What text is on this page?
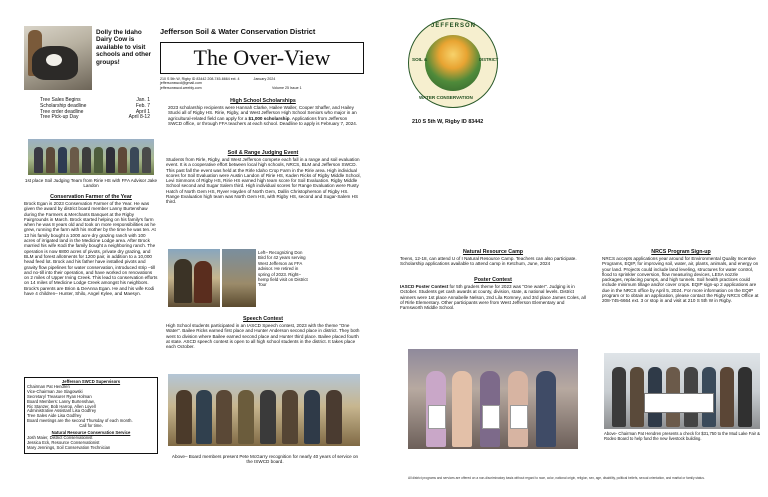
Dolly the Idaho Dairy Cow is available to visit schools and other groups!
Jefferson Soil & Water Conservation District
The Over-View
210 S 5th W, Rigby ID 83442 208-745-6664 ext. 4	January 2024
jeffersonswcd@gmail.com
jeffersonswcd.weebly.com	Volume 25 Issue 1
Tree Sales Begins	Jan. 1
Scholarship deadline	Feb. 7
Tree order deadline	April 1
Tree Pick-up Day	April 8-12
1st place Soil Judging Team from Ririe HS with FFA Advisor Jake Landon
Conservation Farmer of the Year
Brock Egan is 2023 Conservation Farmer of the Year. He was given the award by district board member Lanny Burtenshaw during the Farmers & Merchants Banquet at the Rigby Fairgrounds in March. Brock started helping on his family's farm when he was 8 years old and took on more responsibilities as he grew, running the farm with his mother by the time he was ten. At 13 his family bought a 1000 acre dry grazing ranch with 100 acres of irrigated land in the Medicine Lodge area. After Brock married his wife Kodi the family bought a neighboring ranch. The operation is now 6800 acres of pivots, private dry grazing, and BLM and forest allotments for 1200 pair, in addition to a 10,000 head feed lot. Brock and his father have installed pivots and gravity flow pipelines for water conservation, introduced strip –till and no-till into their operation, and have worked on renovations on 2 miles of Upper Irving Creek. This lead to conservation efforts on 14 miles of Medicine Lodge Creek amongst his neighbors. Brock's parents are Brion & DeAnna Egan. He and his wife Kodi have 4 children– Hunter, Shilo, Angel Kylee, and Maesyn.
Jefferson SWCD Supervisors
Chairman Pat Hendren
Vice-Chairman Joe Slagowski
Secretary/ Treasurer Ryan Holman
Board Members: Lanny Burtenshaw,
Ric Stanzer, Bob Harrop, Allen Lovell
Administrative Assistant Lisa Godfrey
Tree Sales Aide Lisa Godfrey
Board meetings are the second Thursday of each month.
Call for time.
Natural Resource Conservation Service
Josh Maier, District Conservationist
Jessica Eck, Resource Conservationist
Mary Jennings, Soil Conservation Technician
High School Scholarships
2023 scholarship recipients were Hannah Clarke, Hailee Waller, Cooper Shaffer, and Hailey Stucki all of Rigby HS. Ririe, Rigby, and West Jefferson High School Seniors who major in an agricultural-related field can apply for a $1,000 scholarship. Applications from Jefferson SWCD office, or through FFA teachers at each school. Deadline to apply is February 7, 2024.
Soil & Range Judging Event
Students from Rirle, Rigby, and West Jefferson compete each fall in a range and soil evaluation event. It is a cooperative effort between local high schools, NRCS, BLM and Jefferson SWCD. This past fall the event was held at the Rirle Idaho Crop Farm in the Ririe area. High individual scores for Soil Evaluation were Austin Landon of Ririe HS, Kaden Ricks of Rigby Middle School, Levi Simmons of Rigby HS, Ririe HS earned high team score for Soil Evaluation. Rigby Middle School second and Sugar Salem third. High individual scores for Range Evaluation were Rusty Hatch of North Gem HS, Ryver Hayden of North Gem, Dallin Christopherson of Rigby HS. Range Evaluation high team was North Gem HS, with Rigby HS, second and Sugar-Salem HS third.
Left– Recognizing Don Bird for 42 years serving West Jefferson as FFA advisor. He retired in spring of 2023. Right– hemp field visit on District Tour
Speech Contest
High School students participated in an IASCD Speech contest, 2023 with the theme "One Water". Bailee Ricks earned first place and Hunter Anderson second place in district. They both went to division where Bailee earned second place and Hunter third place. Bailee placed fourth at state. ASCD speech contest is open to all high school students in the district. It takes place each October.
Above– Board members present Pete McGarry recognition for nearly 40 years of service on the ISWCD board.
JEFFERSON
SOIL &	DISTRICT
WATER CONSERVATION
210 S 5th W, Rigby ID 83442
Natural Resource Camp
Teens, 12-18, can attend U of I Natural Resource Camp. Teachers can also participate. Scholarship applications available to attend camp in Ketchum, June, 2024
Poster Contest
IASCD Poster Contest for 5th graders theme for 2023 was "One water". Judging is in October. Students get cash awards at county, division, state, & national levels. District winners were 1st place Annabelle Nelson, 2nd Lila Romney, and 3rd place James Coles, all of Rirle Elementary. Other participants were from West Jefferson Elementary and Farnsworth Middle School.
NRCS Program Sign-up
NRCS accepts applications year around for Environmental Quality Incentive Programs, EQIP, for improving soil, water, air, plants, animals, and energy on your land. Projects could include land leveling, structures for water control, flood to sprinkler conversion, flow measuring devices, LESA nozzle packages, replacing pumps, and high tunnels. Soil health practices could include minimum tillage and/or cover crops. EQIP sign-up 2 applications are due in the NRCS office by April 5, 2024. For more information on the EQIP program or to obtain an application, please contact the Rigby NRCS Office at 208-745-6664 ext. 3 or stop in and visit at 210 S 5th W in Rigby.
Above- Chairman Pat Hendren presents a check for $31,750 to the Mud Lake Fair & Rodeo Board to help fund the new livestock building.
All district programs and services are offered on a non-discriminatory basis without regard to race, color, national origin, religion, sex, age, disability, political beliefs, sexual orientation, and marital or family status.
